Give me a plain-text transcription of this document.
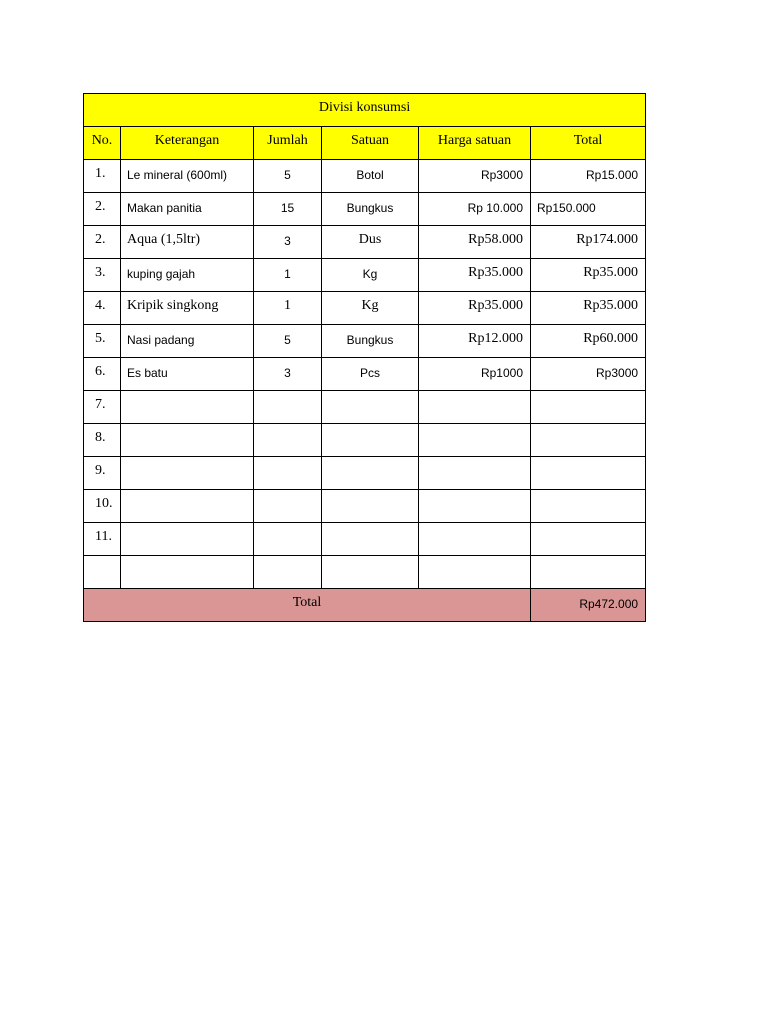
Divisi konsumsi					
No.	Keterangan	Jumlah	Satuan	Harga satuan	Total
1.	Le mineral (600ml)	5	Botol	Rp3000	Rp15.000
2.	Makan panitia	15	Bungkus	Rp 10.000	Rp150.000
2.	Aqua (1,5ltr)	3	Dus	Rp58.000	Rp174.000
3.	kuping gajah	1	Kg	Rp35.000	Rp35.000
4.	Kripik singkong	1	Kg	Rp35.000	Rp35.000
5.	Nasi padang	5	Bungkus	Rp12.000	Rp60.000
6.	Es batu	3	Pcs	Rp1000	Rp3000
7.					
8.					
9.					
10.					
11.					

Total					Rp472.000
